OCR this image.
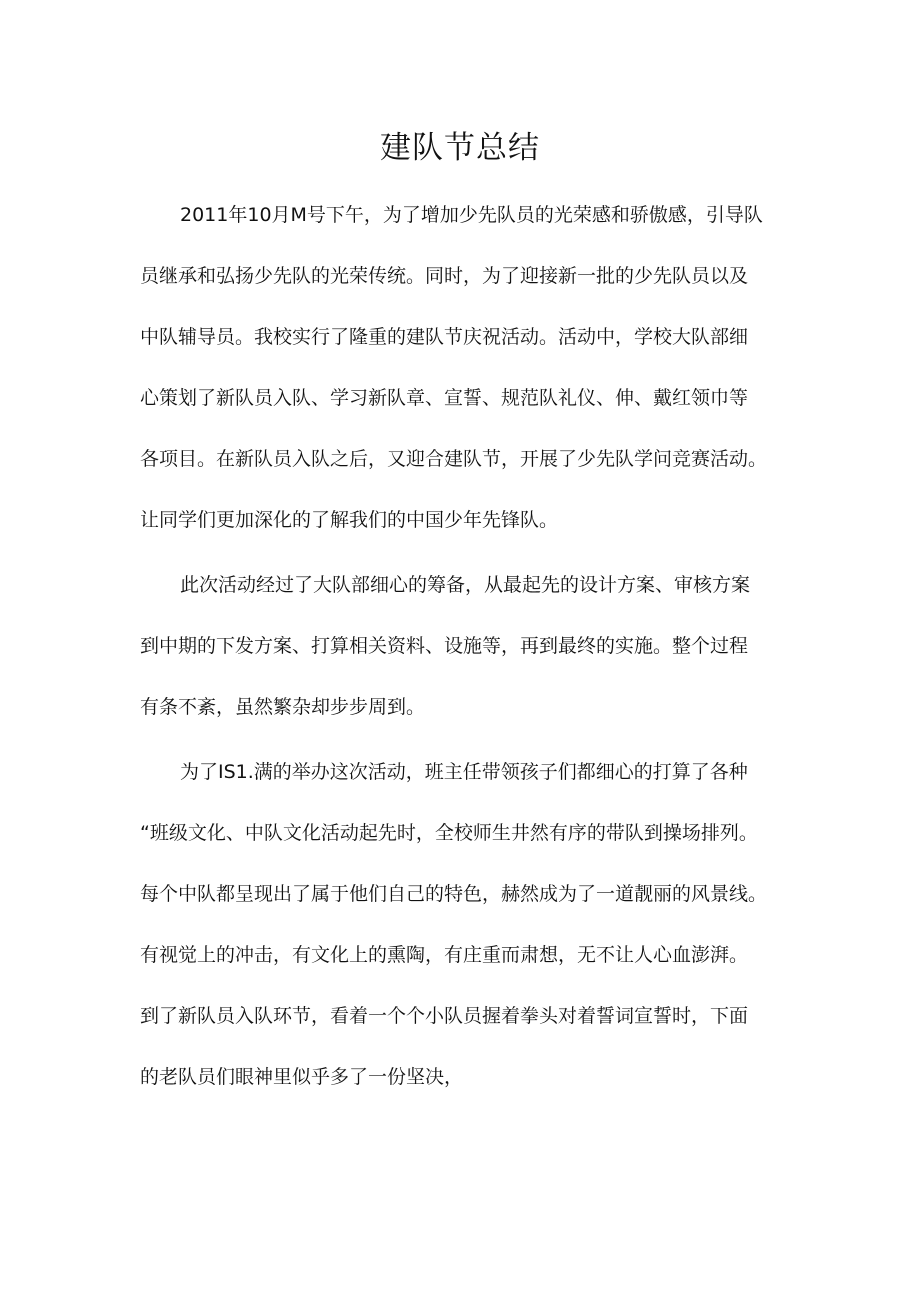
建队节总结
2011年10月M号下午，为了增加少先队员的光荣感和骄傲感，引导队
员继承和弘扬少先队的光荣传统。同时，为了迎接新一批的少先队员以及
中队辅导员。我校实行了隆重的建队节庆祝活动。活动中，学校大队部细
心策划了新队员入队、学习新队章、宣誓、规范队礼仪、伸、戴红领巾等
各项目。在新队员入队之后，又迎合建队节，开展了少先队学问竞赛活动。
让同学们更加深化的了解我们的中国少年先锋队。
此次活动经过了大队部细心的筹备，从最起先的设计方案、审核方案
到中期的下发方案、打算相关资料、设施等，再到最终的实施。整个过程
有条不紊，虽然繁杂却步步周到。
为了IS1.满的举办这次活动，班主任带领孩子们都细心的打算了各种
“班级文化、中队文化活动起先时，全校师生井然有序的带队到操场排列。
每个中队都呈现出了属于他们自己的特色，赫然成为了一道靓丽的风景线。
有视觉上的冲击，有文化上的熏陶，有庄重而肃想，无不让人心血澎湃。
到了新队员入队环节，看着一个个小队员握着拳头对着誓词宣誓时，下面
的老队员们眼神里似乎多了一份坚决，
